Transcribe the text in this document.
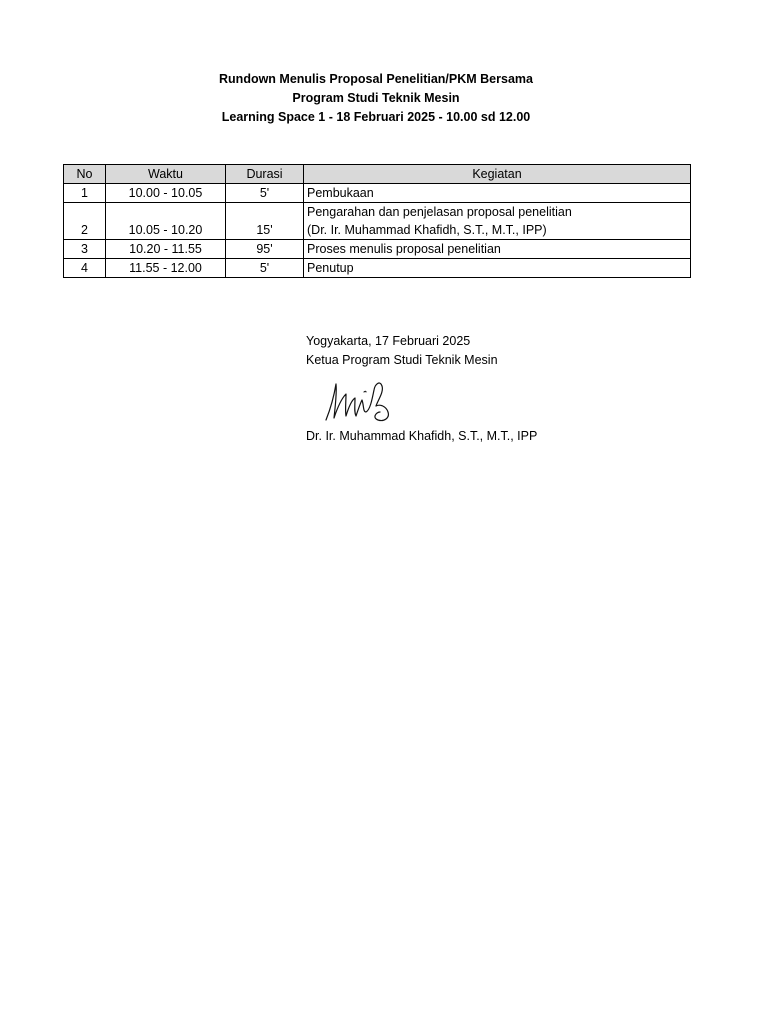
Rundown Menulis Proposal Penelitian/PKM Bersama
Program Studi Teknik Mesin
Learning Space 1 - 18 Februari 2025 - 10.00 sd 12.00
No	Waktu	Durasi	Kegiatan
1	10.00 - 10.05	5'	Pembukaan
2	10.05 - 10.20	15'	Pengarahan dan penjelasan proposal penelitian
(Dr. Ir. Muhammad Khafidh, S.T., M.T., IPP)

3	10.20 - 11.55	95'	Proses menulis proposal penelitian
4	11.55 - 12.00	5'	Penutup
Yogyakarta, 17 Februari 2025
Ketua Program Studi Teknik Mesin
Dr. Ir. Muhammad Khafidh, S.T., M.T., IPP
